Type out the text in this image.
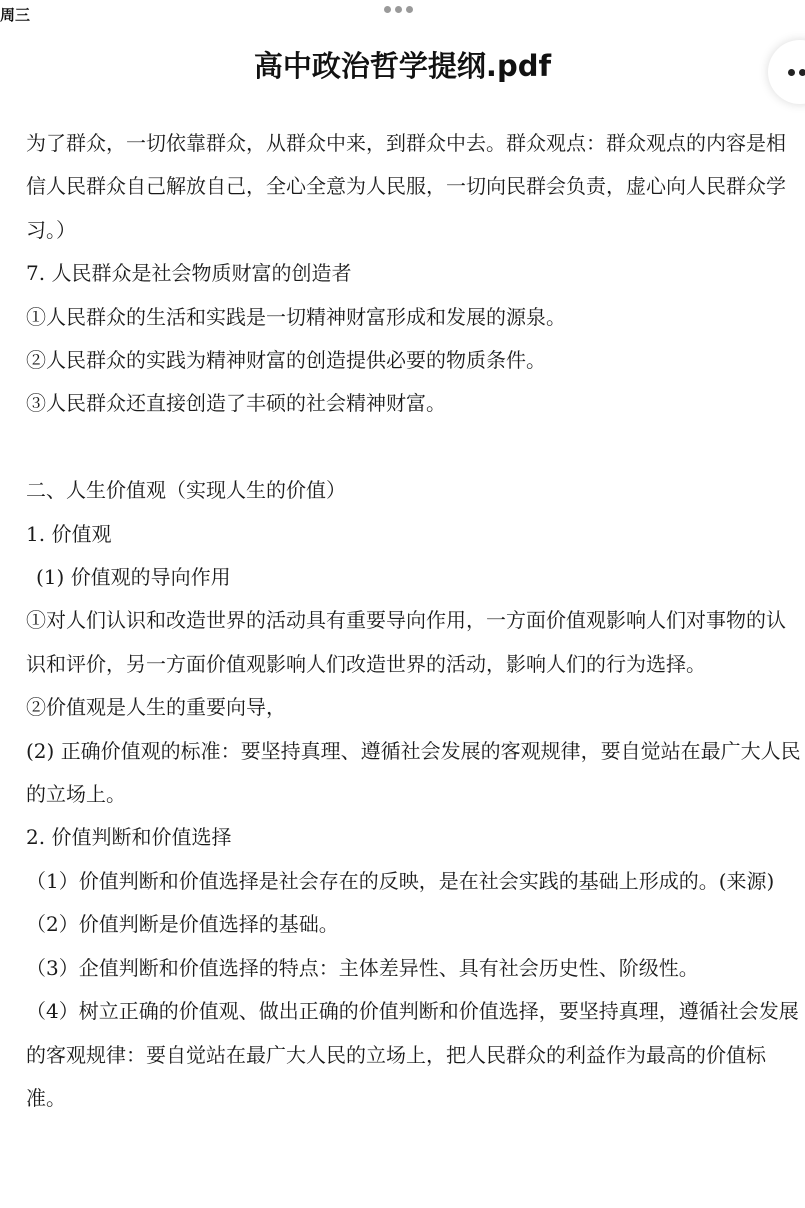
周三
高中政治哲学提纲.pdf

为了群众，一切依靠群众，从群众中来，到群众中去。群众观点：群众观点的内容是相信人民群众自己解放自己，全心全意为人民服，一切向民群会负责，虚心向人民群众学习。）

7. 人民群众是社会物质财富的创造者

①人民群众的生活和实践是一切精神财富形成和发展的源泉。

②人民群众的实践为精神财富的创造提供必要的物质条件。

③人民群众还直接创造了丰硕的社会精神财富。

二、人生价值观（实现人生的价值）

1. 价值观

(1) 价值观的导向作用

①对人们认识和改造世界的活动具有重要导向作用，一方面价值观影响人们对事物的认识和评价，另一方面价值观影响人们改造世界的活动，影响人们的行为选择。

②价值观是人生的重要向导，

(2) 正确价值观的标准：要坚持真理、遵循社会发展的客观规律，要自觉站在最广大人民的立场上。

2. 价值判断和价值选择

（1）价值判断和价值选择是社会存在的反映，是在社会实践的基础上形成的。(来源)

（2）价值判断是价值选择的基础。

（3）企值判断和价值选择的特点：主体差异性、具有社会历史性、阶级性。

（4）树立正确的价值观、做出正确的价值判断和价值选择，要坚持真理，遵循社会发展的客观规律：要自觉站在最广大人民的立场上，把人民群众的利益作为最高的价值标准。
